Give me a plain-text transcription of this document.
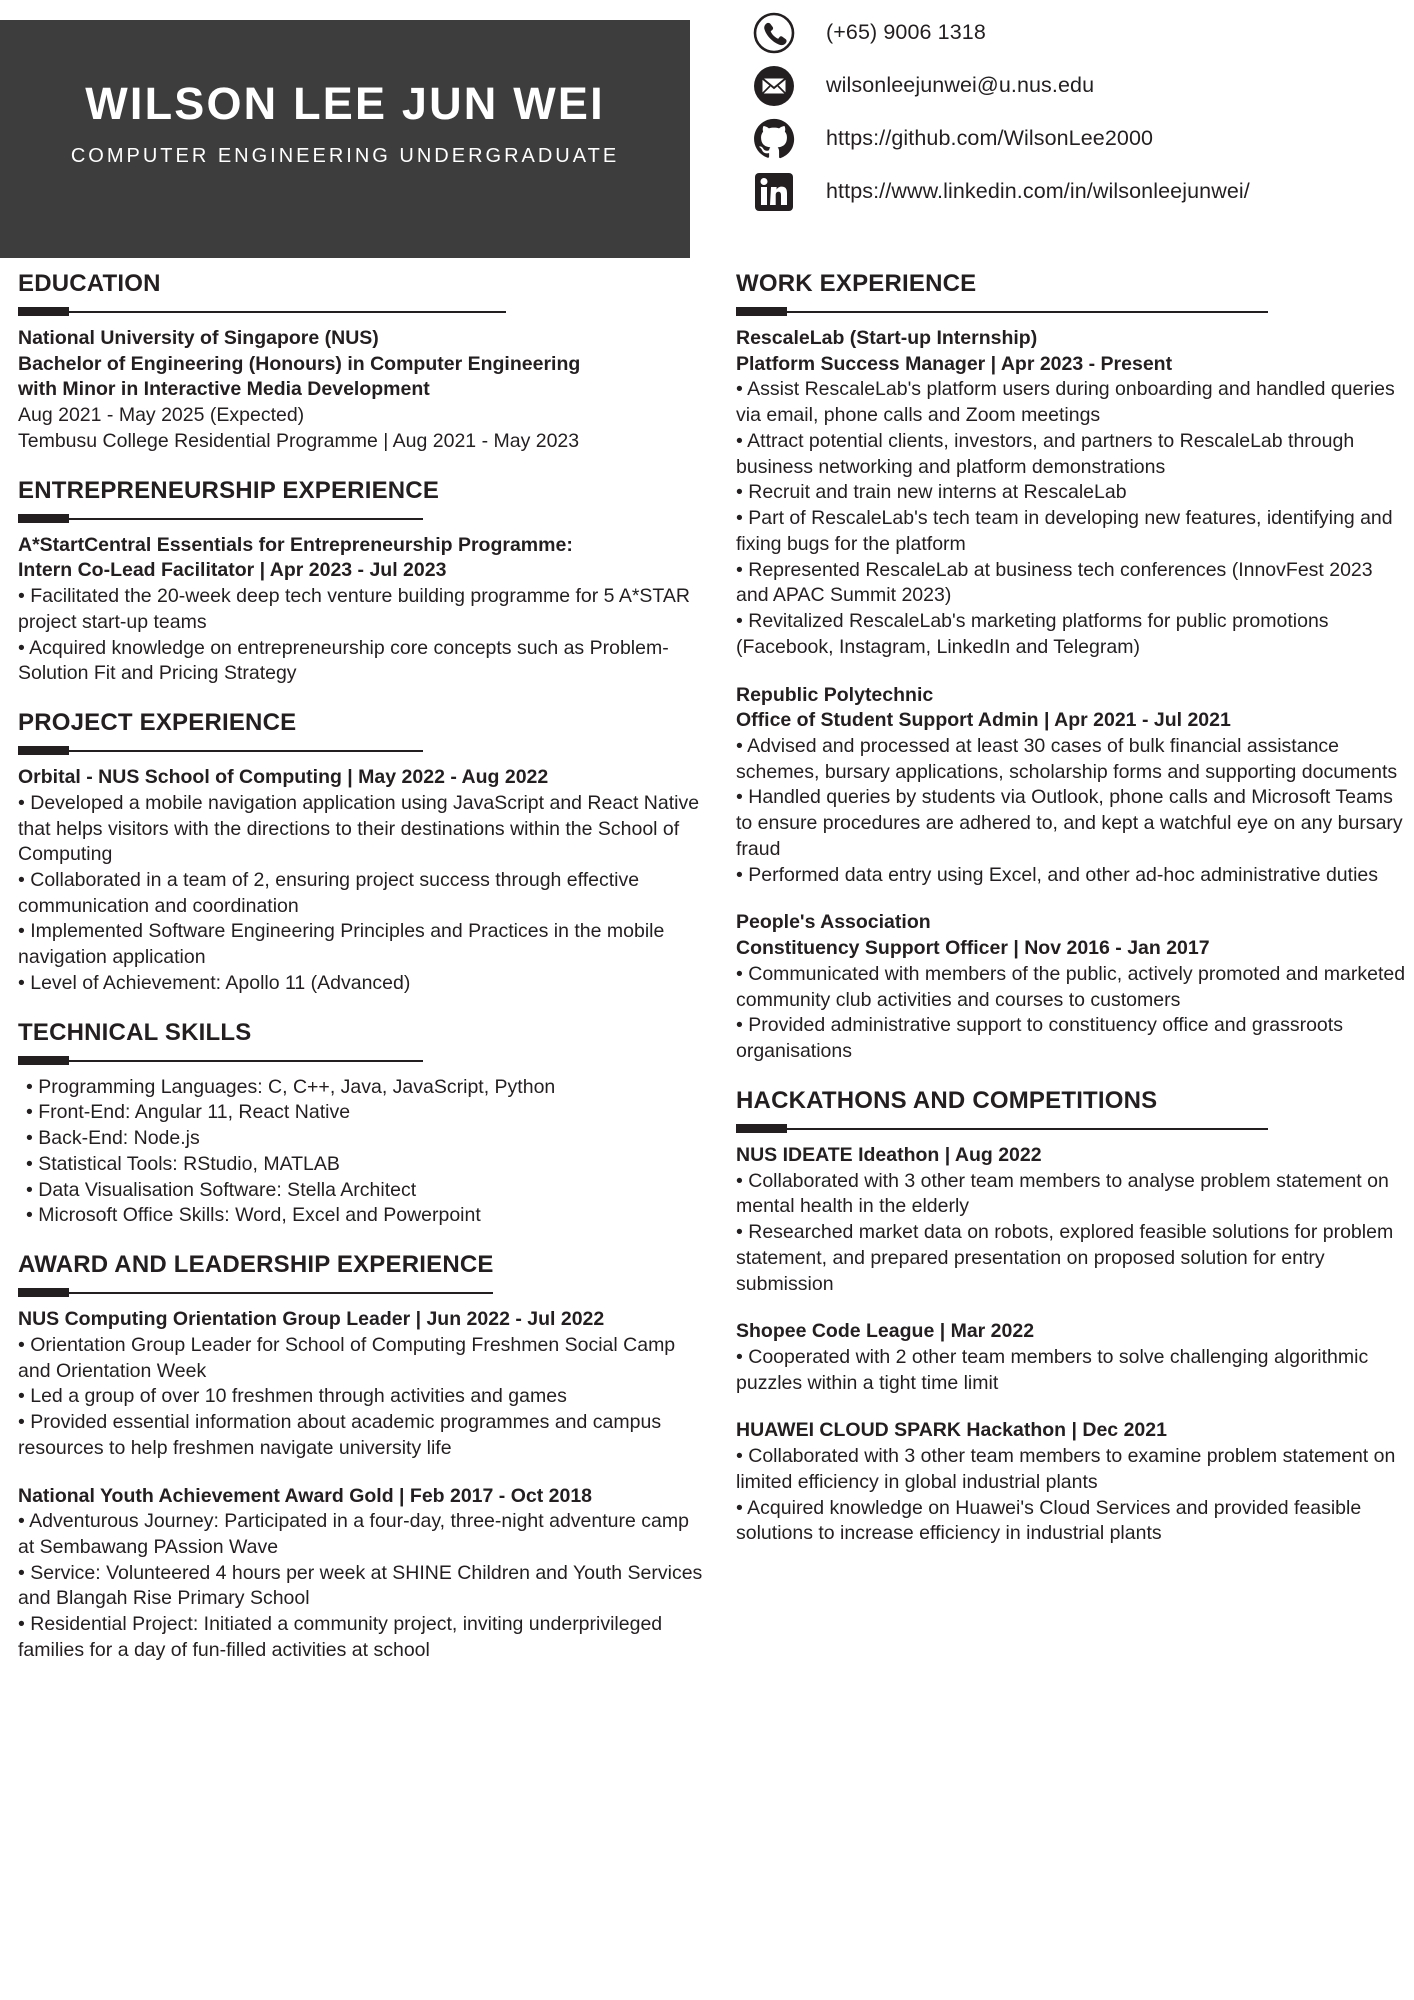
WILSON LEE JUN WEI
COMPUTER ENGINEERING UNDERGRADUATE
(+65) 9006 1318
wilsonleejunwei@u.nus.edu
https://github.com/WilsonLee2000
https://www.linkedin.com/in/wilsonleejunwei/
EDUCATION
National University of Singapore (NUS)
Bachelor of Engineering (Honours) in Computer Engineering
with Minor in Interactive Media Development
Aug 2021 - May 2025 (Expected)
Tembusu College Residential Programme | Aug 2021 - May 2023
ENTREPRENEURSHIP EXPERIENCE
A*StartCentral Essentials for Entrepreneurship Programme:
Intern Co-Lead Facilitator | Apr 2023 - Jul 2023
• Facilitated the 20-week deep tech venture building programme for 5 A*STAR project start-up teams
• Acquired knowledge on entrepreneurship core concepts such as Problem-Solution Fit and Pricing Strategy
PROJECT EXPERIENCE
Orbital - NUS School of Computing | May 2022 - Aug 2022
• Developed a mobile navigation application using JavaScript and React Native that helps visitors with the directions to their destinations within the School of Computing
• Collaborated in a team of 2, ensuring project success through effective communication and coordination
• Implemented Software Engineering Principles and Practices in the mobile navigation application
• Level of Achievement: Apollo 11 (Advanced)
TECHNICAL SKILLS
• Programming Languages: C, C++, Java, JavaScript, Python
• Front-End: Angular 11, React Native
• Back-End: Node.js
• Statistical Tools: RStudio, MATLAB
• Data Visualisation Software: Stella Architect
• Microsoft Office Skills: Word, Excel and Powerpoint
AWARD AND LEADERSHIP EXPERIENCE
NUS Computing Orientation Group Leader | Jun 2022 - Jul 2022
• Orientation Group Leader for School of Computing Freshmen Social Camp and Orientation Week
• Led a group of over 10 freshmen through activities and games
• Provided essential information about academic programmes and campus resources to help freshmen navigate university life
National Youth Achievement Award Gold | Feb 2017 - Oct 2018
• Adventurous Journey: Participated in a four-day, three-night adventure camp at Sembawang PAssion Wave
• Service: Volunteered 4 hours per week at SHINE Children and Youth Services and Blangah Rise Primary School
• Residential Project: Initiated a community project, inviting underprivileged families for a day of fun-filled activities at school
WORK EXPERIENCE
RescaleLab (Start-up Internship)
Platform Success Manager | Apr 2023 - Present
• Assist RescaleLab's platform users during onboarding and handled queries via email, phone calls and Zoom meetings
• Attract potential clients, investors, and partners to RescaleLab through business networking and platform demonstrations
• Recruit and train new interns at RescaleLab
• Part of RescaleLab's tech team in developing new features, identifying and fixing bugs for the platform
• Represented RescaleLab at business tech conferences (InnovFest 2023 and APAC Summit 2023)
• Revitalized RescaleLab's marketing platforms for public promotions (Facebook, Instagram, LinkedIn and Telegram)
Republic Polytechnic
Office of Student Support Admin | Apr 2021 - Jul 2021
• Advised and processed at least 30 cases of bulk financial assistance schemes, bursary applications, scholarship forms and supporting documents
• Handled queries by students via Outlook, phone calls and Microsoft Teams to ensure procedures are adhered to, and kept a watchful eye on any bursary fraud
• Performed data entry using Excel, and other ad-hoc administrative duties
People's Association
Constituency Support Officer | Nov 2016 - Jan 2017
• Communicated with members of the public, actively promoted and marketed community club activities and courses to customers
• Provided administrative support to constituency office and grassroots organisations
HACKATHONS AND COMPETITIONS
NUS IDEATE Ideathon | Aug 2022
• Collaborated with 3 other team members to analyse problem statement on mental health in the elderly
• Researched market data on robots, explored feasible solutions for problem statement, and prepared presentation on proposed solution for entry submission
Shopee Code League | Mar 2022
• Cooperated with 2 other team members to solve challenging algorithmic puzzles within a tight time limit
HUAWEI CLOUD SPARK Hackathon | Dec 2021
• Collaborated with 3 other team members to examine problem statement on limited efficiency in global industrial plants
• Acquired knowledge on Huawei's Cloud Services and provided feasible solutions to increase efficiency in industrial plants
